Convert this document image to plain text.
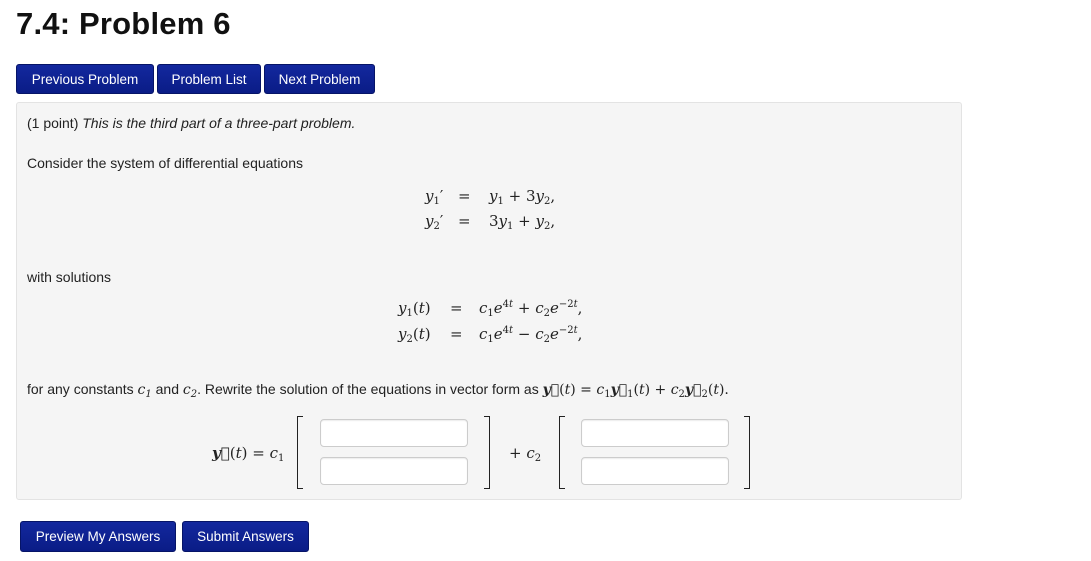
7.4: Problem 6
Previous Problem	Problem List	Next Problem
(1 point) This is the third part of a three-part problem.
Consider the system of differential equations
$y_1' = y_1 + 3y_2$,
$y_2' = 3y_1 + y_2$,
with solutions
$y_1(t) = c_1e^{4t} + c_2e^{-2t}$,
$y_2(t) = c_1e^{4t} - c_2e^{-2t}$,
for any constants $c_1$ and $c_2$. Rewrite the solution of the equations in vector form as y⃗(t) = $c_1y⃗_1(t)$ + $c_2y⃗_2(t)$.
y⃗(t) = $c_1$	+ $c_2$
Preview My Answers	Submit Answers
